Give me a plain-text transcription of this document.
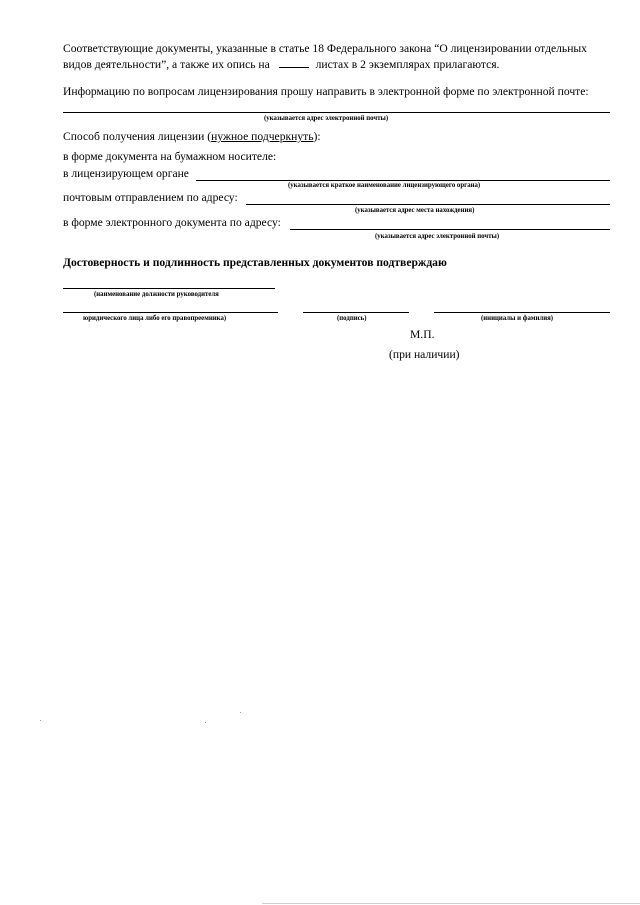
Соответствующие документы, указанные в статье 18 Федерального закона “О лицензировании отдельных
видов деятельности”, а также их опись на	листах в 2 экземплярах прилагаются.
Информацию по вопросам лицензирования прошу направить в электронной форме по электронной почте:
(указывается адрес электронной почты)
Способ получения лицензии (нужное подчеркнуть):
в форме документа на бумажном носителе:
в лицензирующем органе
(указывается краткое наименование лицензирующего органа)
почтовым отправлением по адресу:
(указывается адрес места нахождения)
в форме электронного документа по адресу:
(указывается адрес электронной почты)
Достоверность и подлинность представленных документов подтверждаю
(наименование должности руководителя
юридического лица либо его правопреемника)	(подпись)	(инициалы и фамилия)
М.П.
(при наличии)
